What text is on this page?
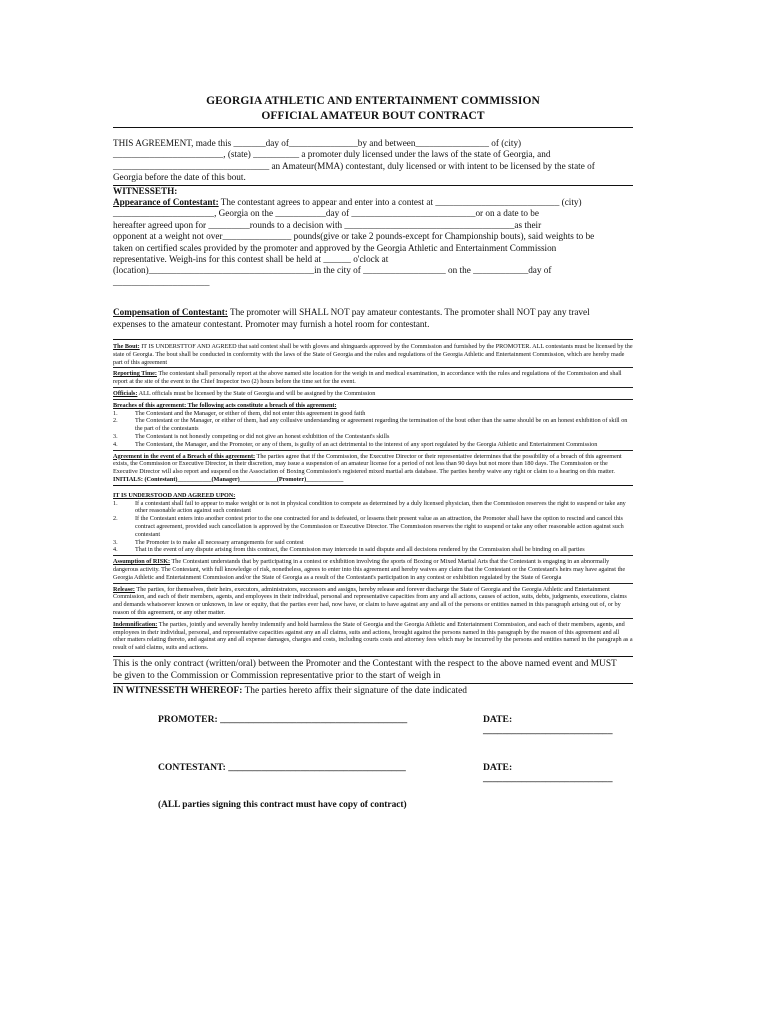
GEORGIA ATHLETIC AND ENTERTAINMENT COMMISSION
OFFICIAL AMATEUR BOUT CONTRACT

THIS AGREEMENT, made this _______day of_______________by and between________________ of (city)

________________________, (state) __________ a promoter duly licensed under the laws of the state of Georgia, and

__________________________________ an Amateur(MMA) contestant, duly licensed or with intent to be licensed by the state of

Georgia before the date of this bout.

WITNESSETH:

Appearance of Contestant: The contestant agrees to appear and enter into a contest at ___________________________ (city)

______________________, Georgia on the ___________day of ___________________________or on a date to be

hereafter agreed upon for _________rounds to a decision with _____________________________________as their

opponent at a weight not over_______________ pounds(give or take 2 pounds-except for Championship bouts), said weights to be

taken on certified scales provided by the promoter and approved by the Georgia Athletic and Entertainment Commission

representative. Weigh-ins for this contest shall be held at ______ o'clock at

(location)____________________________________in the city of __________________ on the ____________day of

_____________________

Compensation of Contestant: The promoter will SHALL NOT pay amateur contestants. The promoter shall NOT pay any travel

expenses to the amateur contestant. Promoter may furnish a hotel room for contestant.

The Bout: IT IS UNDERSTTOF AND AGREED that said contest shall be with gloves and shinguards approved by the Commission and furnished by the PROMOTER. ALL contestants must be licensed by the state of Georgia. The bout shall be conducted in conformity with the laws of the State of Georgia and the rules and regulations of the Georgia Athletic and Entertainment Commission, which are hereby made part of this agreement

Reporting Time: The contestant shall personally report at the above named site location for the weigh in and medical examination, in accordance with the rules and regulations of the Commission and shall report at the site of the event to the Chief Inspector two (2) hours before the time set for the event.

Officials: ALL officials must be licensed by the State of Georgia and will be assigned by the Commission

Breaches of this agreement: The following acts constitute a breach of this agreement:

1.	The Contestant and the Manager, or either of them, did not enter this agreement in good faith
2.	The Contestant or the Manager, or either of them, had any collusive understanding or agreement regarding the termination of the bout other than the same should be on an honest exhibition of skill on the part of the contestants
3.	The Contestant is not honestly competing or did not give an honest exhibition of the Contestant's skills
4.	The Contestant, the Manager, and the Promoter, or any of them, is guilty of an act detrimental to the interest of any sport regulated by the Georgia Athletic and Entertainment Commission

Agreement in the event of a Breach of this agreement: The parties agree that if the Commission, the Executive Director or their representative determines that the possibility of a breach of this agreement exists, the Commission or Executive Director, in their discretion, may issue a suspension of an amateur license for a period of not less than 90 days but not more than 180 days. The Commission or the Executive Director will also report and suspend on the Association of Boxing Commission's registered mixed martial arts database. The parties hereby waive any right or claim to a hearing on this matter.

INITIALS: (Contestant)___________(Manager)____________(Promoter)____________

IT IS UNDERSTOOD AND AGREED UPON:

1.	If a contestant shall fail to appear to make weight or is not in physical condition to compete as determined by a duly licensed physician, then the Commission reserves the right to suspend or take any other reasonable action against such contestant
2.	If the Contestant enters into another contest prior to the one contracted for and is defeated, or lessens their present value as an attraction, the Promoter shall have the option to rescind and cancel this contract agreement, provided such cancellation is approved by the Commission or Executive Director. The Commission reserves the right to suspend or take any other reasonable action against such contestant
3.	The Promoter is to make all necessary arrangements for said contest
4.	That in the event of any dispute arising from this contract, the Commission may intercede in said dispute and all decisions rendered by the Commission shall be binding on all parties

Assumption of RISK: The Contestant understands that by participating in a contest or exhibition involving the sports of Boxing or Mixed Martial Arts that the Contestant is engaging in an abnormally dangerous activity. The Contestant, with full knowledge of risk, nonetheless, agrees to enter into this agreement and hereby waives any claim that the Contestant or the Contestant's heirs may have against the Georgia Athletic and Entertainment Commission and/or the State of Georgia as a result of the Contestant's participation in any contest or exhibition regulated by the State of Georgia

Release: The parties, for themselves, their heirs, executors, administrators, successors and assigns, hereby release and forever discharge the State of Georgia and the Georgia Athletic and Entertainment Commission, and each of their members, agents, and employees in their individual, personal and representative capacities from any and all actions, causes of action, suits, debts, judgments, executions, claims and demands whatsoever known or unknown, in law or equity, that the parties ever had, now have, or claim to have against any and all of the persons or entities named in this paragraph arising out of, or by reason of this agreement, or any other matter.

Indemnification: The parties, jointly and severally hereby indemnify and hold harmless the State of Georgia and the Georgia Athletic and Entertainment Commission, and each of their members, agents, and employees in their individual, personal, and representative capacities against any an all claims, suits and actions, brought against the persons named in this paragraph by the reason of this agreement and all other matters relating thereto, and against any and all expense damages, charges and costs, including courts costs and attorney fees which may be incurred by the persons and entities named in the paragraph as a result of said claims, suits and actions.

This is the only contract (written/oral) between the Promoter and the Contestant with the respect to the above named event and MUST

be given to the Commission or Commission representative prior to the start of weigh in

IN WITNESSETH WHEREOF: The parties hereto affix their signature of the date indicated

PROMOTER: _______________________________________	DATE: ___________________________
CONTESTANT: _____________________________________	DATE: ___________________________
(ALL parties signing this contract must have copy of contract)
